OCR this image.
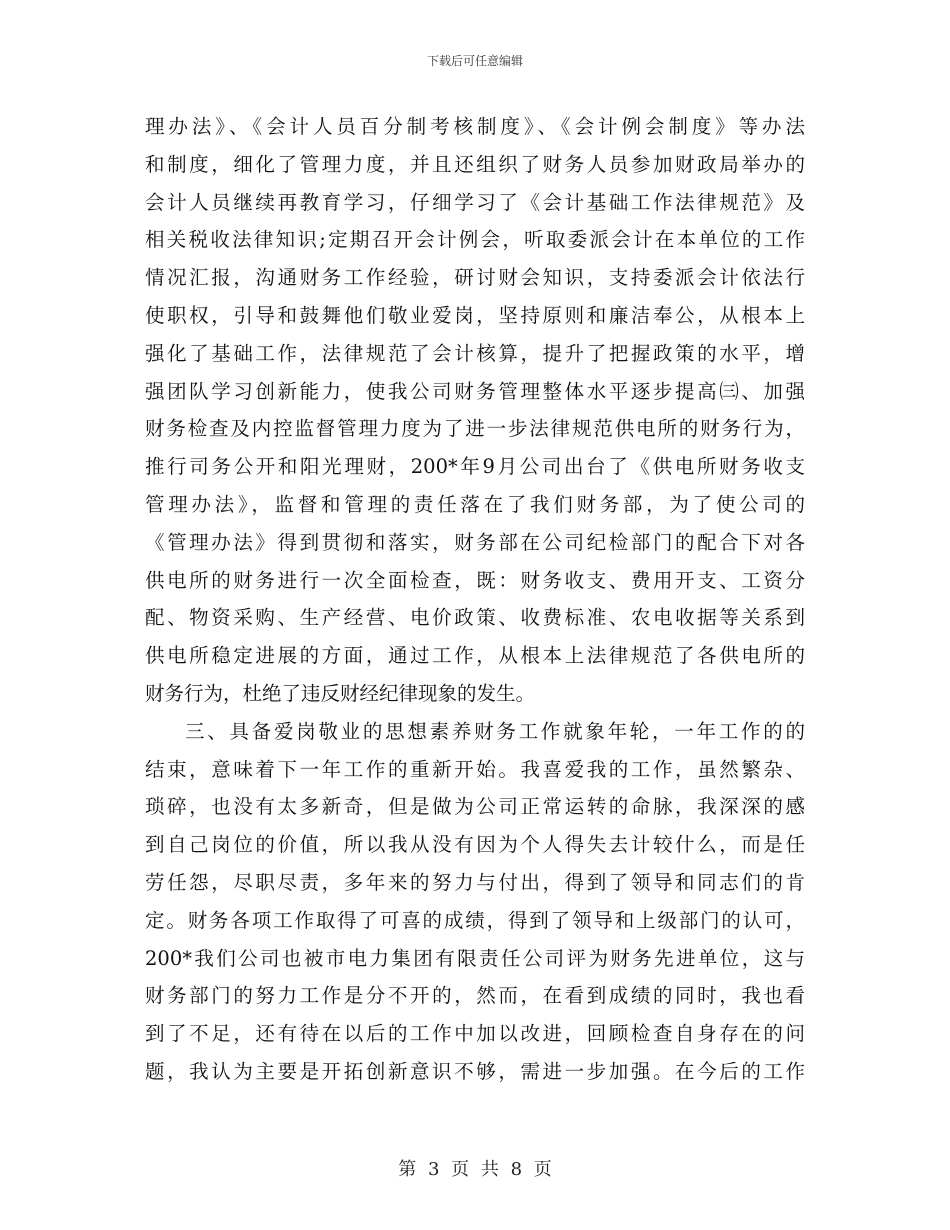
下载后可任意编辑
理办法》、《会计人员百分制考核制度》、《会计例会制度》等办法
和制度，细化了管理力度，并且还组织了财务人员参加财政局举办的
会计人员继续再教育学习，仔细学习了《会计基础工作法律规范》及
相关税收法律知识;定期召开会计例会，听取委派会计在本单位的工作
情况汇报，沟通财务工作经验，研讨财会知识，支持委派会计依法行
使职权，引导和鼓舞他们敬业爱岗，坚持原则和廉洁奉公，从根本上
强化了基础工作，法律规范了会计核算，提升了把握政策的水平，增
强团队学习创新能力，使我公司财务管理整体水平逐步提高㈢、加强
财务检查及内控监督管理力度为了进一步法律规范供电所的财务行为，
推行司务公开和阳光理财，200*年9月公司出台了《供电所财务收支
管理办法》，监督和管理的责任落在了我们财务部，为了使公司的
《管理办法》得到贯彻和落实，财务部在公司纪检部门的配合下对各
供电所的财务进行一次全面检查，既：财务收支、费用开支、工资分
配、物资采购、生产经营、电价政策、收费标准、农电收据等关系到
供电所稳定进展的方面，通过工作，从根本上法律规范了各供电所的
财务行为，杜绝了违反财经纪律现象的发生。
三、具备爱岗敬业的思想素养财务工作就象年轮，一年工作的的
结束，意味着下一年工作的重新开始。我喜爱我的工作，虽然繁杂、
琐碎，也没有太多新奇，但是做为公司正常运转的命脉，我深深的感
到自己岗位的价值，所以我从没有因为个人得失去计较什么，而是任
劳任怨，尽职尽责，多年来的努力与付出，得到了领导和同志们的肯
定。财务各项工作取得了可喜的成绩，得到了领导和上级部门的认可，
200*我们公司也被市电力集团有限责任公司评为财务先进单位，这与
财务部门的努力工作是分不开的，然而，在看到成绩的同时，我也看
到了不足，还有待在以后的工作中加以改进，回顾检查自身存在的问
题，我认为主要是开拓创新意识不够，需进一步加强。在今后的工作
第 3 页 共 8 页
